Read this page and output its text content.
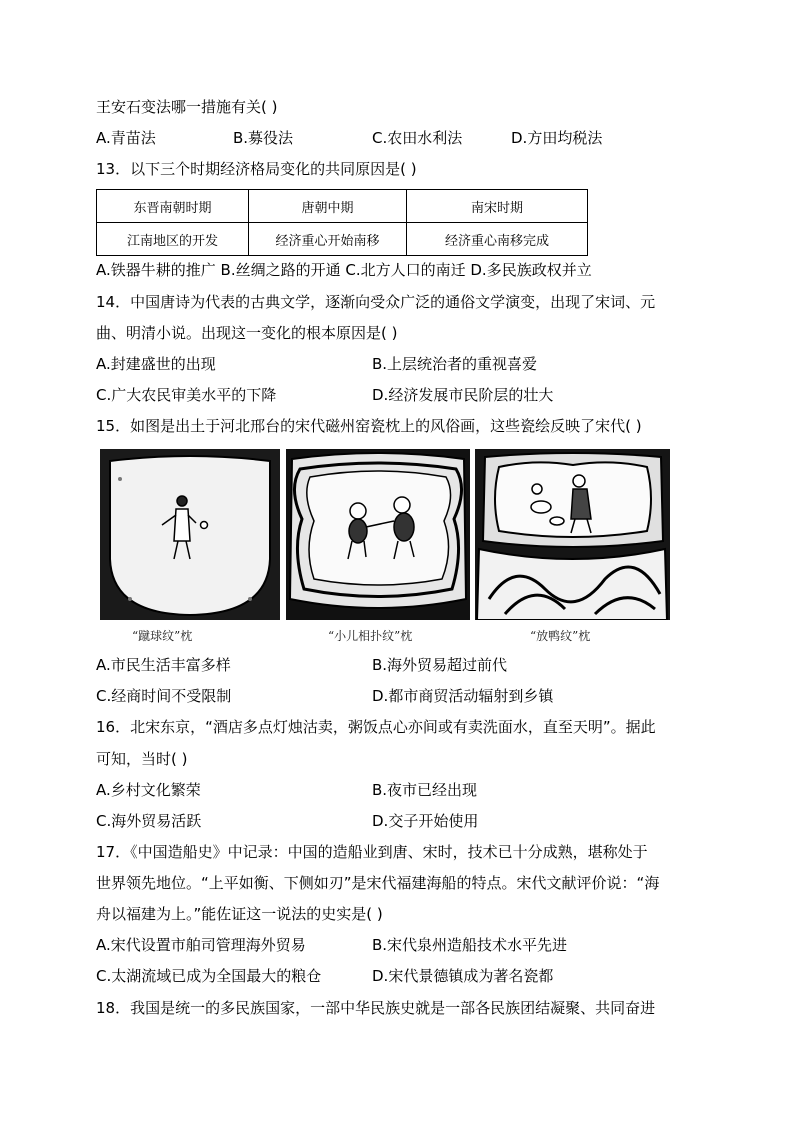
王安石变法哪一措施有关( )
A.青苗法	B.募役法	C.农田水利法	D.方田均税法
13．以下三个时期经济格局变化的共同原因是( )
东晋南朝时期	唐朝中期	南宋时期
江南地区的开发	经济重心开始南移	经济重心南移完成
A.铁器牛耕的推广 B.丝绸之路的开通 C.北方人口的南迁 D.多民族政权并立
14．中国唐诗为代表的古典文学，逐渐向受众广泛的通俗文学演变，出现了宋词、元
曲、明清小说。出现这一变化的根本原因是( )
A.封建盛世的出现	B.上层统治者的重视喜爱
C.广大农民审美水平的下降	D.经济发展市民阶层的壮大
15．如图是出土于河北邢台的宋代磁州窑瓷枕上的风俗画，这些瓷绘反映了宋代( )
“蹴球纹”枕	“小儿相扑纹”枕	“放鸭纹”枕
A.市民生活丰富多样	B.海外贸易超过前代
C.经商时间不受限制	D.都市商贸活动辐射到乡镇
16．北宋东京，“酒店多点灯烛沽卖，粥饭点心亦间或有卖洗面水，直至天明”。据此
可知，当时( )
A.乡村文化繁荣	B.夜市已经出现
C.海外贸易活跃	D.交子开始使用
17．《中国造船史》中记录：中国的造船业到唐、宋时，技术已十分成熟，堪称处于
世界领先地位。“上平如衡、下侧如刃”是宋代福建海船的特点。宋代文献评价说：“海
舟以福建为上。”能佐证这一说法的史实是( )
A.宋代设置市舶司管理海外贸易	B.宋代泉州造船技术水平先进
C.太湖流域已成为全国最大的粮仓	D.宋代景德镇成为著名瓷都
18．我国是统一的多民族国家，一部中华民族史就是一部各民族团结凝聚、共同奋进
